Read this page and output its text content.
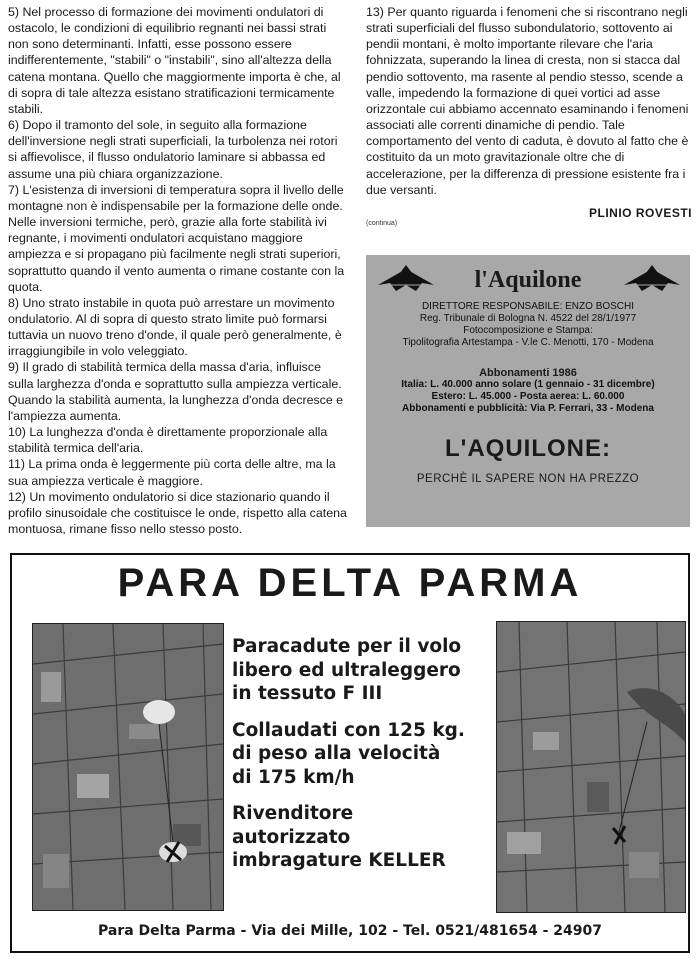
5) Nel processo di formazione dei movimenti ondulatori di ostacolo, le condizioni di equilibrio regnanti nei bassi strati non sono determinanti. Infatti, esse possono essere indifferentemente, "stabili" o "instabili", sino all'altezza della catena montana. Quello che maggiormente importa è che, al di sopra di tale altezza esistano stratificazioni termicamente stabili.

6) Dopo il tramonto del sole, in seguito alla formazione dell'inversione negli strati superficiali, la turbolenza nei rotori si affievolisce, il flusso ondulatorio laminare si abbassa ed assume una più chiara organizzazione.

7) L'esistenza di inversioni di temperatura sopra il livello delle montagne non è indispensabile per la formazione delle onde. Nelle inversioni termiche, però, grazie alla forte stabilità ivi regnante, i movimenti ondulatori acquistano maggiore ampiezza e si propagano più facilmente negli strati superiori, soprattutto quando il vento aumenta o rimane costante con la quota.

8) Uno strato instabile in quota può arrestare un movimento ondulatorio. Al di sopra di questo strato limite può formarsi tuttavia un nuovo treno d'onde, il quale però generalmente, è irraggiungibile in volo veleggiato.

9) Il grado di stabilità termica della massa d'aria, influisce sulla larghezza d'onda e soprattutto sulla ampiezza verticale. Quando la stabilità aumenta, la lunghezza d'onda decresce e l'ampiezza aumenta.

10) La lunghezza d'onda è direttamente proporzionale alla stabilità termica dell'aria.

11) La prima onda è leggermente più corta delle altre, ma la sua ampiezza verticale è maggiore.

12) Un movimento ondulatorio si dice stazionario quando il profilo sinusoidale che costituisce le onde, rispetto alla catena montuosa, rimane fisso nello stesso posto.

13) Per quanto riguarda i fenomeni che si riscontrano negli strati superficiali del flusso subondulatorio, sottovento ai pendii montani, è molto importante rilevare che l'aria fohnizzata, superando la linea di cresta, non si stacca dal pendio sottovento, ma rasente al pendio stesso, scende a valle, impedendo la formazione di quei vortici ad asse orizzontale cui abbiamo accennato esaminando i fenomeni associati alle correnti dinamiche di pendio. Tale comportamento del vento di caduta, è dovuto al fatto che è costituito da un moto gravitazionale oltre che di accelerazione, per la differenza di pressione esistente fra i due versanti.

PLINIO ROVESTI
(continua)
l'Aquilone
DIRETTORE RESPONSABILE: ENZO BOSCHI
Reg. Tribunale di Bologna N. 4522 del 28/1/1977
Fotocomposizione e Stampa:
Tipolitografia Artestampa - V.le C. Menotti, 170 - Modena
Abbonamenti 1986
Italia: L. 40.000 anno solare (1 gennaio - 31 dicembre)
Estero: L. 45.000 - Posta aerea: L. 60.000
Abbonamenti e pubblicità: Via P. Ferrari, 33 - Modena
L'AQUILONE:
PERCHÈ IL SAPERE NON HA PREZZO
PARA DELTA PARMA
Paracadute per il volo
libero ed ultraleggero
in tessuto F III
Collaudati con 125 kg.
di peso alla velocità
di 175 km/h
Rivenditore
autorizzato
imbragature KELLER
Para Delta Parma - Via dei Mille, 102 - Tel. 0521/481654 - 24907
